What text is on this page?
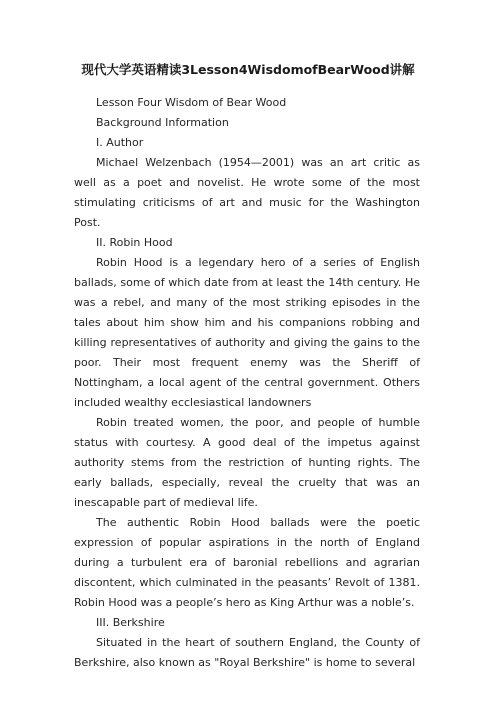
现代大学英语精读3Lesson4WisdomofBearWood讲解

Lesson Four Wisdom of Bear Wood

Background Information

I. Author

Michael Welzenbach (1954—2001) was an art critic as well as a poet and novelist. He wrote some of the most stimulating criticisms of art and music for the Washington Post.

II. Robin Hood

Robin Hood is a legendary hero of a series of English ballads, some of which date from at least the 14th century. He was a rebel, and many of the most striking episodes in the tales about him show him and his companions robbing and killing representatives of authority and giving the gains to the poor. Their most frequent enemy was the Sheriff of Nottingham, a local agent of the central government. Others included wealthy ecclesiastical landowners

Robin treated women, the poor, and people of humble status with courtesy. A good deal of the impetus against authority stems from the restriction of hunting rights. The early ballads, especially, reveal the cruelty that was an inescapable part of medieval life.

The authentic Robin Hood ballads were the poetic expression of popular aspirations in the north of England during a turbulent era of baronial rebellions and agrarian discontent, which culminated in the peasants’ Revolt of 1381. Robin Hood was a people’s hero as King Arthur was a noble’s.

III. Berkshire

Situated in the heart of southern England, the County of Berkshire, also known as "Royal Berkshire" is home to several
